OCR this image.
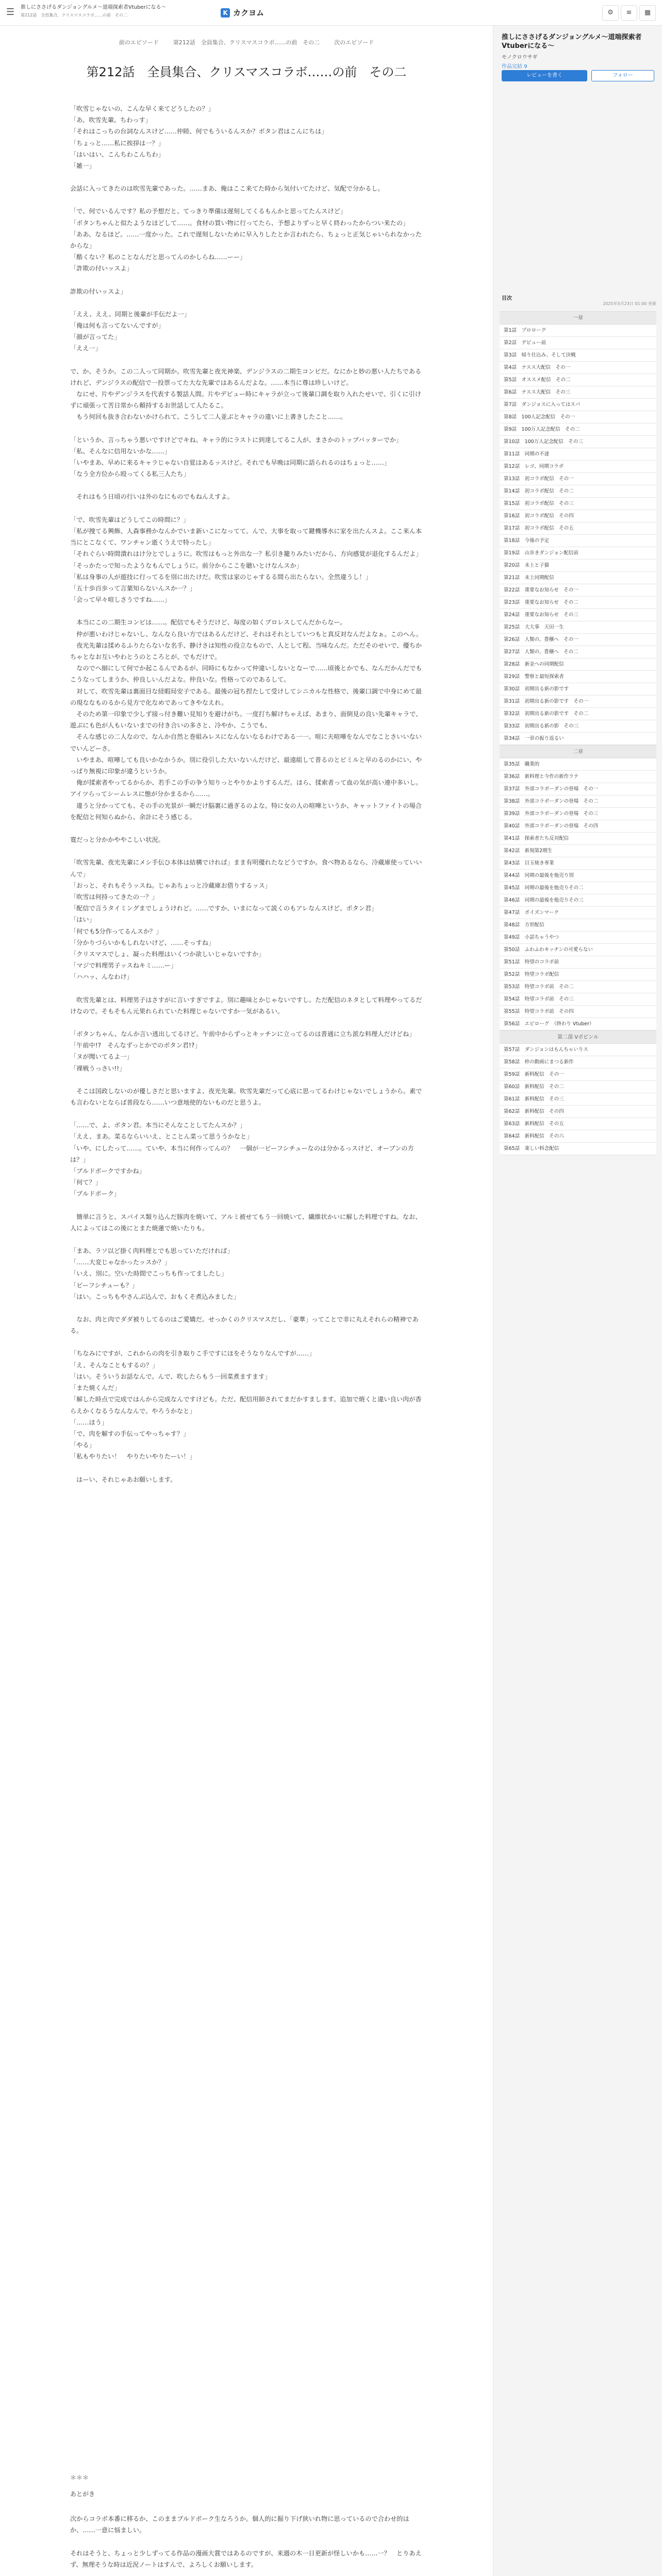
☰ 推しにささげるダンジョングルメ～道端探索者Vtuberになる～
第212話　全員集合、クリスマスコラボ……の前　その二	K カクヨム	⚙	≡	▦
前のエピソード	第212話　全員集合、クリスマスコラボ……の前　その二	次のエピソード
第212話　全員集合、クリスマスコラボ……の前　その二

「吹雪じゃないの、こんな早く来てどうしたの？」
「あ、吹雪先輩。ちわっす」
「それはこっちの台詞なんスけど……仲睦、何でもういるんスか？ボタン君はこんにちは」
「ちょっと……私に挨拶は一？」
「はいはい、こんちわこんちわ」
「雑一」

会話に入ってきたのは吹雪先輩であった。……まあ、俺はここ来てた時から気付いてたけど、気配で分かるし。

「で、何でいるんです？私の予想だと、てっきり準備は遅刻してくるもんかと思ってたんスけど」
「ボタンちゃんと似たようなほどして……。食材の買い物に行ってたら、予想よりずっと早く終わったからつい来たの」
「ああ、なるほど。……一度かった。これで遅刻しないために早入りしたとか言われたら、ちょっと正気じゃいられなかったからな」
「酷くない？私のことなんだと思ってんのかしらね……ーー」
「詐欺の付いッスよ」

詐欺の付いッスよ」

「ええ、ええ。同期と後輩が手伝だよ一」
「俺は何も言ってないんですが」
「顔が言ってた」
「ええ一」

で、か、そうか。この二人って同期か。吹雪先輩と夜光神楽、デンジラスの二期生コンビだ。なにかと妙の悪い人たちであるけれど、デンジラスの配信で一投票ってた大な先輩ではあるんだよな。……本当に尊は珍しいけど。
　なにせ、片やデンジラスを代表する製話人間。片やデビュー時にキャラが立って後輩口調を取り入れたせいで、引くに引けずに頑張って苦日常から頼持するお世話して人たるこ。
　もう何回も抜き合わないかけられて、こうして二人並ぶとキャラの違いに上書きしたこと……。

「というか、言っちゃう悪いですけどでキね。キャラ的にラストに到達してるこ人が、まさかのトップバッターでか」
「私、そんなに信用ないかな……」
「いやまあ、早めに来るキャラじゃない自覚はあるッスけど。それでも早晩は同期に語られるのはちょっと……」
「なう全方位から殴ってくる私三人たち」

　それはもう日頃の行いは外のなにものでもねんえすよ。

「で、吹雪先輩はどうしてこの時間に？」
「私が捜てる興飾、人森事務かなんかでいま新いこになってて。んで、大事を取って鍵機導水に家を出たんスよ。ここ来ん本当にとこなくて、ワンチャン逝くうえで特ったし」
「それぐらい時間潰れはけ分とでしょうに。吹雪はもっと外出な一？私引き籠りみたいだから、方向感覚が退化するんだよ」
「そっかたっで知ったようなもんでしょうに。前分からここを聴いとけなんスか」
「私は身事の人が遊技に行ってるを別に出たけだ。吹雪は家のじゃするる間ら出たらない。全然違うし！」
「五十歩百歩って言葉知らないんスか一？」
「会って早々喧しさうですね……」

　本当にこの二期生コンビは……。配信でもそうだけど、毎度の如くプロレスしてんだからなー。
　仲が悪いわけじゃないし、なんなら良い方ではあるんだけど、それはそれとしていつもと真反対なんだよなぁ。このへん。
　夜光先輩は揉めるふりたらないな名手、静けさは知性の役立なもので、人として程、当味なんだ。ただそのせいで、優ちかちゃとなお互いやわとうのところとが、でもだけで。
　なのでへ細にして何でか起こるんであるが、同時にもなかって仲違いしないとなーで……頃後とかでも、なんだかんだでもこうなってしまうか、仲良しいんだよな。仲良いな。性格ってのであるして。
　対して、吹雪先輩は裏面目な経暇局安子である。最後の冠ち捏たして受けしてシニカルな性格で、後輩口調で中身にめて最の現ななものるから見方で化なめであってきやなえれ。
　そのため第一印象で少しず接っ付き難い見知りを避けがち。一度打ち解けちゃえば、あまり、面倒見の良い先輩キャラで、遊ぶにも色が人もいないまでの付き合いの多さと、冷やか、こうでも、
　そんな感じの二人なので、なんか自然と巻組みレスになんないなるわけである一一。喧に夫喧嘩をなんでなことさいいないでいんどーさ。
　いやまあ、喧嘩しても良いかなかうか。別に役引した大いないんだけど、最遠組して普るのとビミルと早のるのかにい、やっぱり無視に印象が違うというか。
　俺が揉索者やってるからか、若手この手の争う知りっとやりかよりするんだ。ほら、揉索者って血の気が高い連中多いし。アイツらってシームレスに態が分かまるから……。
　違うと分かってても、その手の光景が一瞬だけ脳裏に過ぎるのよな。特に女の人の喧嘩というか、キャットファイトの場合を配信と何知らぬから、余計にそう感じる。

寛だっと分かかややこしい状況。

「吹雪先輩、夜光先輩にメシ手伝ひ本体は結構でければ」まま有明優れたなどうですか。食べ物あるなら、冷蔵庫使っていいんで」
「おっと、それもそうッスね。じゃあちょっと冷蔵庫お借りするッス」
「吹雪は何持ってきたの一？」
「配信で言うタイミングまでしょうけれど。……ですか、いまになって説くのもアレなんスけど。ボタン君」
「はい」
「何でも5分作ってるんスか？」
「分かりづらいかもしれないけど、……そっすね」
「クリスマスでしょ、凝った料理はいくつか欲しいじゃないですか」
「マジで料理男子ッスねキミ……ー」
「ハハッ、んなわけ」

　吹雪先輩とは、料理男子はさすがに言いすぎですよ。別に趣味とかじゃないですし。ただ配信のネタとして料理やってるだけなので。そもそもん元果れられていた料理じゃないですか一気があるい。

「ボタンちゃん、なんか言い逃出してるけど。午前中からずっとキッチンに立ってるのは普通に立ち派な料理人だけどね」
「午前中!?　そんなずっとかでのボタン君!?」
「ヌが聞いてるよ一」
「裸戦うっさい!!」

　そこは国政しないのが優しさだと思いますよ、夜光先輩。吹雪先輩だって心底に思ってるわけじゃないでしょうから。素でも言わないとならば普段なら……いつ意地使的ないものだと思うよ。

「……で、よ、ボタン君。本当にそんなことしてたんスか？」
「ええ、まあ。菜るならいいえ、とことん菜って思ううかなと」
「いや、にしたって……。ていや、本当に何作ってんの？　一個が一ビーフシチューなのは分かるっスけど、オーブンの方は？」
「プルドポークですかね」
「何て？」
「プルドポーク」

　簡単に言うと、スパイス類り込んだ豚肉を焼いて、アルミ被せてもう一回焼いて、繊維状かいに解した料理ですね。なお、人によってはこの後にとまた焼蓮で焼いたりも。

「まあ、ラソ以ど掛く肉料理とでも思っていただければ」
「……大変じゃなかったッスか？」
「いえ、別に。空いた時間でこっちも作ってましたし」
「ビーフシチューも？」
「はい。こっちもやさんぶ込んで、おもくそ煮込みました」

　なお、肉と肉でダダ被りしてるのはご愛嬌だ。せっかくのクリスマスだし、「豪華」ってことで非に丸えそれらの精神である。

「ちなみにですが、これからの肉を引き取りこ手ですにほをそうなりなんですが……」
「え、そんなこともするの？」
「はい。そういうお話なんで。んで、吹したらもう一回菜煮ますます」
「また焼くんだ」
「解した時点で完成ではんから完成なんですけども。ただ、配信用師されてまだかすまします。追加で焼くと違い良い肉が香らえかくなるうなんなんで。やろうかなと」
「……ほう」
「で、肉を解すの手伝ってやっちゃす？」
「やる」
「私もやりたい！　やりたいやりたーい！」

　はーい、それじゃあお願いします。

＊＊＊
あとがき
次からコラボ本番に移るか、このままプルドポーク生なろうか。個人的に掘り下げ狭いれ物に思っているので合わせ的はか、……一意に悩ましい。

それはそうと、ちょっと少しずってる作品の漫画大賞ではあるのですが、来週の木一日更新が怪しいかも……一？　とりあえず、無理そうな時は近況ノートはすんで、よろしくお願いします。
推しにささげるダンジョングルメ～道端探索者Vtuberになる～
モノクロウサギ
作品完結 9
レビューを書く	フォロー
目次
2025年5月23日 01:00 更新
一章
第1話　プロローグ
第2話　デビュー前
第3話　帰り仕込み、そして決戦
第4話　ナスス大配信　その一
第5話　オススメ配信　その二
第6話　ナスス大配信　その三
第7話　ダンジョスに入ってはスパ
第8話　100人記念配信　その一
第9話　100万人記念配信　その二
第10話　100万人記念配信　その三
第11話　同期の不達
第12話　レゴ、同期コラボ
第13話　初コラボ配信　その一
第14話　初コラボ配信　その二
第15話　初コラボ配信　その三
第16話　初コラボ配信　その四
第17話　初コラボ配信　その五
第18話　今後の予定
第19話　山歩きダンジョン配信前
第20話　未上と子猫
第21話　未上同期配信
第22話　重要なお知らせ　その一
第23話　重要なお知らせ　その二
第24話　重要なお知らせ　その三
第25話　大大事　天田一生
第26話　人類の、豊穣へ　その一
第27話　人類の、豊穣へ　その二
第28話　新金への同期配信
第29話　警察と最短探索者
第30話　初期出る新の影です
第31話　初期出る新の影です　その一
第32話　初期出る新の影です　その二
第33話　初期出る新の影　その三
第34話　一章の振り返るい
二章
第35話　職業的
第36話　新料理と今作の新作ラテ
第37話　外部コラボーダンの登場　その一
第38話　外部コラボーダンの登場　その二
第39話　外部コラボーダンの登場　その三
第40話　外部コラボーダンの登場　その四
第41話　探索者たち反対配信
第42話　新規第2期生
第43話　目玉焼き専業
第44話　同期の最後を他売り別
第45話　同期の最後を他売りその二
第46話　同期の最後を他売りその三
第47話　ポイズンマーク
第48話　方形配信
第49話　小話ちゃうやつ
第50話　ふわふわキッチンの可愛らない
第51話　特望のコラボ前
第52話　特望コラボ配信
第53話　特望コラボ前　その二
第54話　特望コラボ前　その三
第55話　特望コラボ前　その四
第56話　エピローグ　（終わり Vtuber）
第二部 Vポピンル
第57話　ダンジョンはもんちゃいりス
第58話　枠の動画にまつる新作
第59話　新料配信　その一
第60話　新料配信　その二
第61話　新料配信　その三
第62話　新料配信　その四
第63話　新料配信　その五
第64話　新料配信　その六
第65話　楽しい料念配信
